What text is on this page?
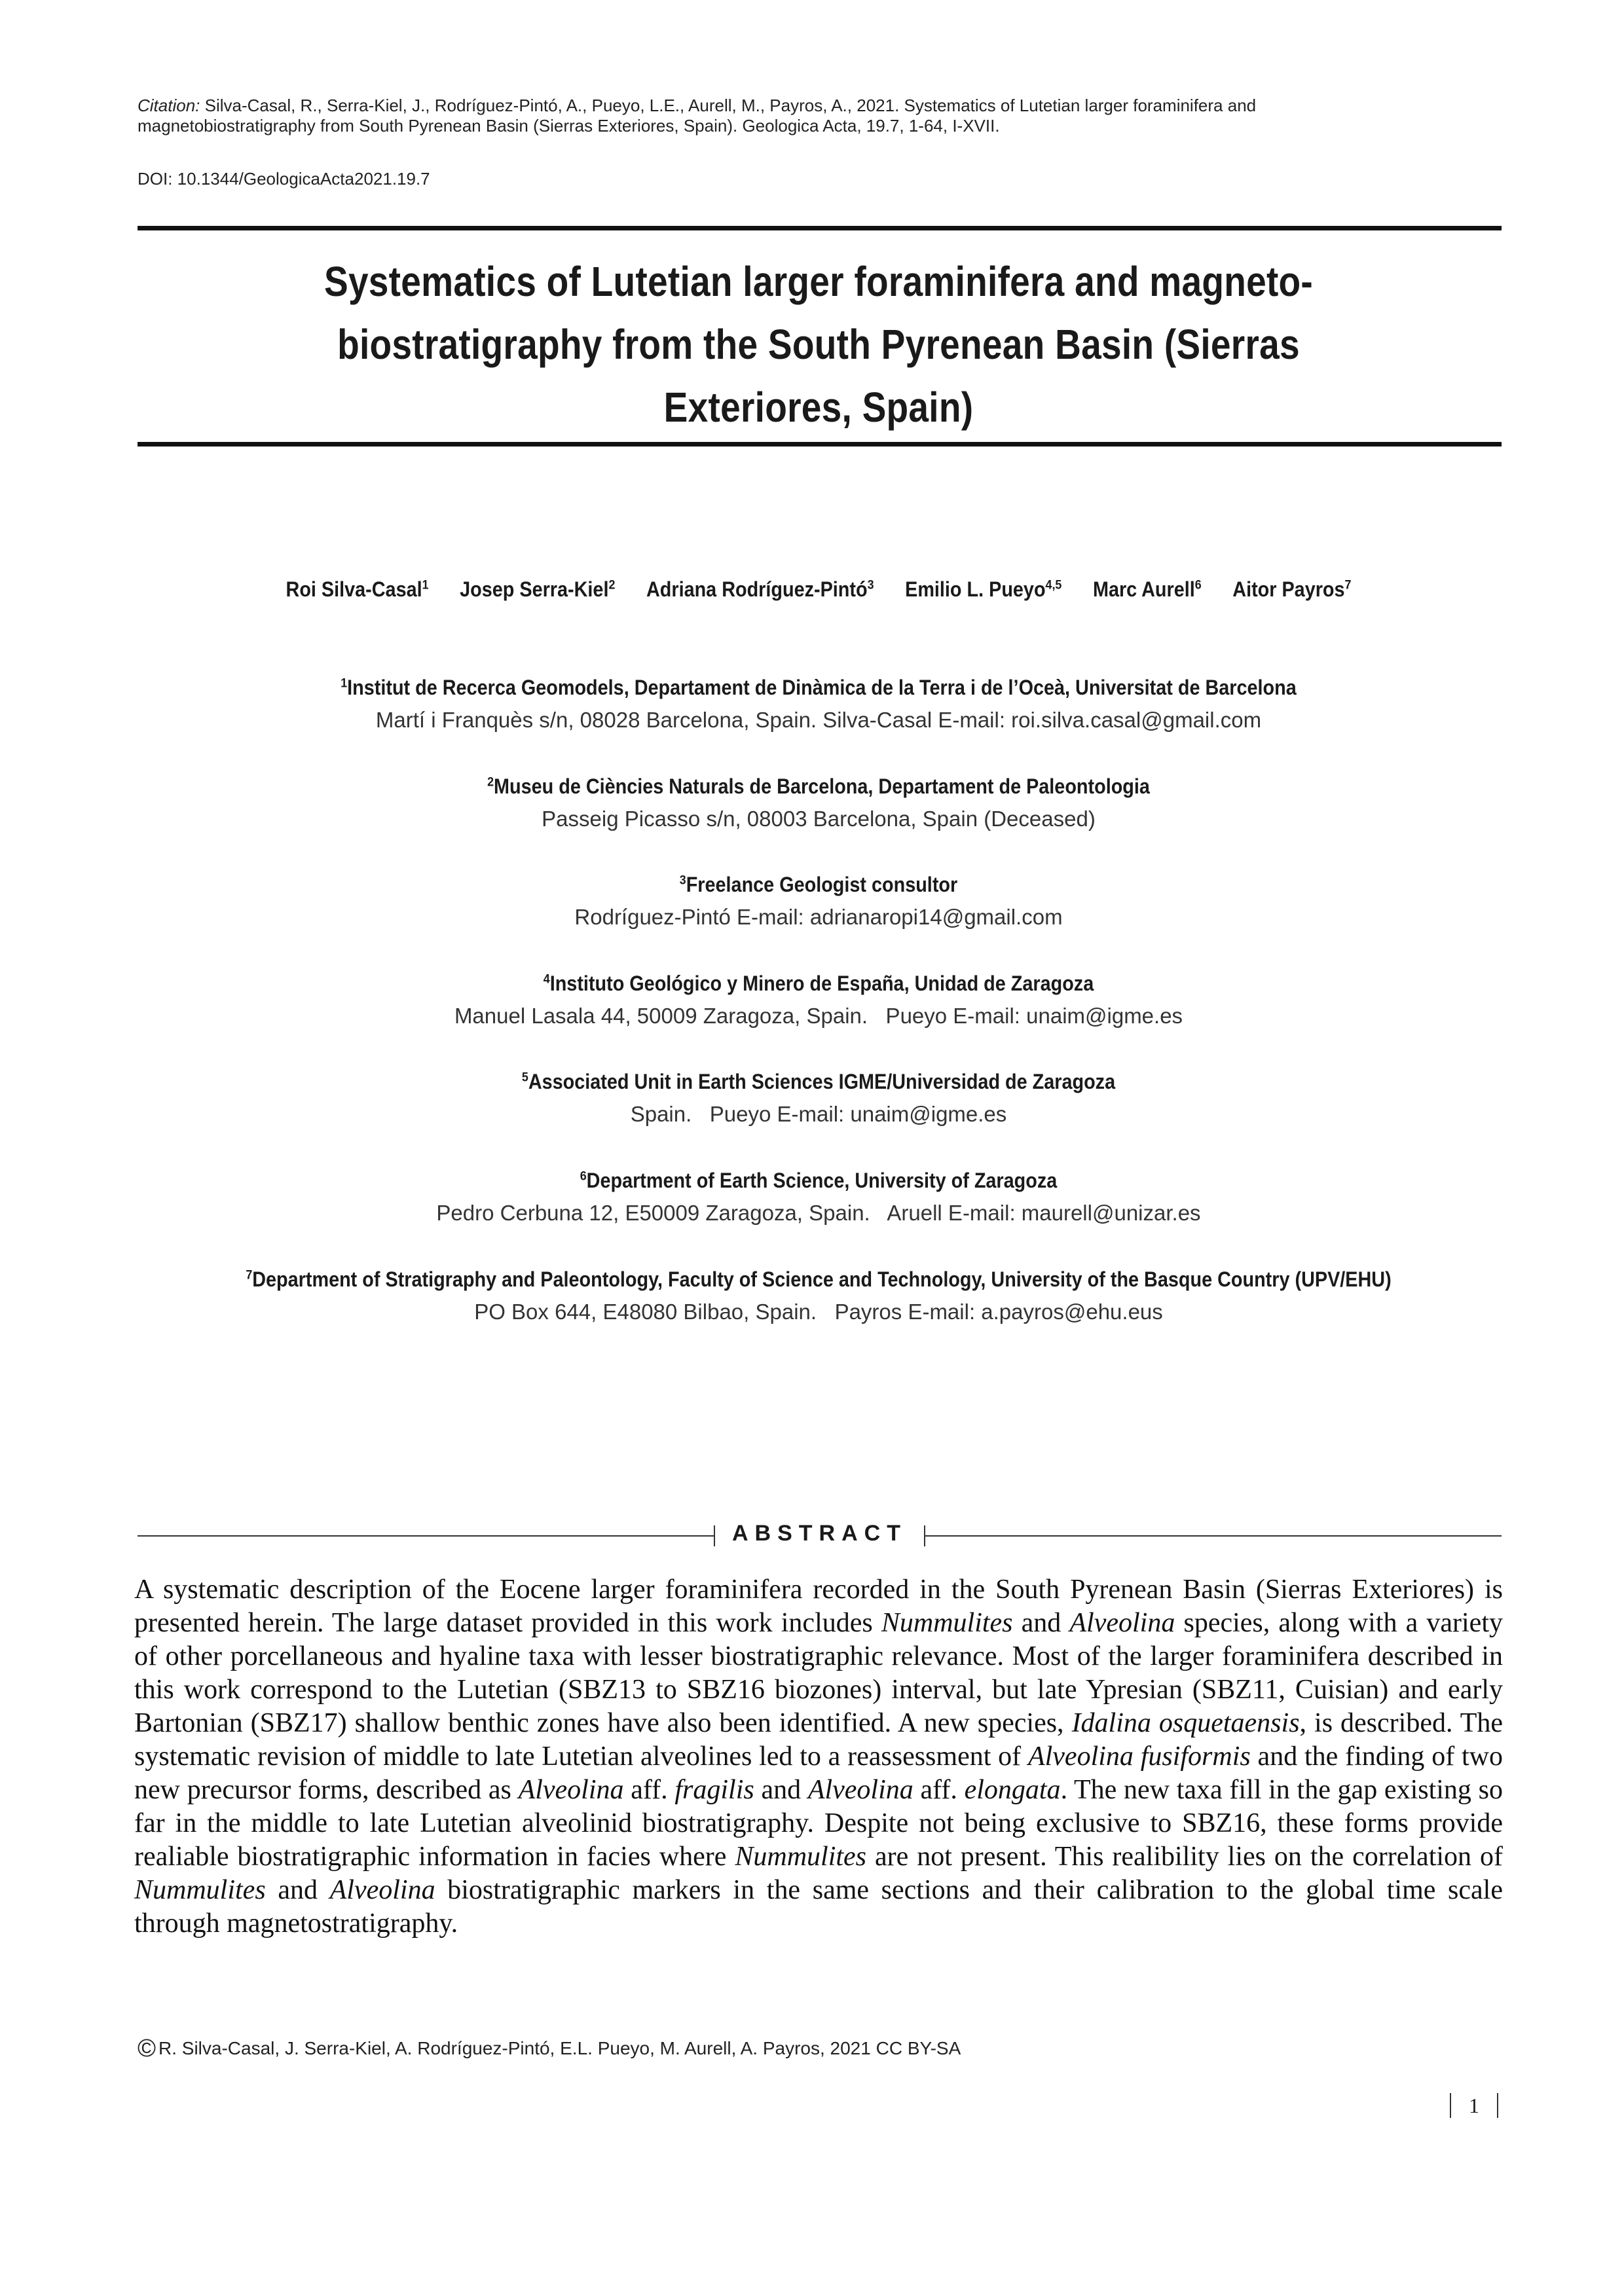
Citation: Silva-Casal, R., Serra-Kiel, J., Rodríguez-Pintó, A., Pueyo, L.E., Aurell, M., Payros, A., 2021. Systematics of Lutetian larger foraminifera and magnetobiostratigraphy from South Pyrenean Basin (Sierras Exteriores, Spain). Geologica Acta, 19.7, 1-64, I-XVII.
DOI: 10.1344/GeologicaActa2021.19.7
Systematics of Lutetian larger foraminifera and magneto-
biostratigraphy from the South Pyrenean Basin (Sierras
Exteriores, Spain)
Roi Silva-Casal$^1$ Josep Serra-Kiel$^2$ Adriana Rodríguez-Pintó$^3$ Emilio L. Pueyo$^{4,5}$ Marc Aurell$^6$ Aitor Payros$^7$
$^1$Institut de Recerca Geomodels, Departament de Dinàmica de la Terra i de l’Oceà, Universitat de Barcelona
Martí i Franquès s/n, 08028 Barcelona, Spain. Silva-Casal E-mail: roi.silva.casal@gmail.com
$^2$Museu de Ciències Naturals de Barcelona, Departament de Paleontologia
Passeig Picasso s/n, 08003 Barcelona, Spain (Deceased)
$^3$Freelance Geologist consultor
Rodríguez-Pintó E-mail: adrianaropi14@gmail.com
$^4$Instituto Geológico y Minero de España, Unidad de Zaragoza
Manuel Lasala 44, 50009 Zaragoza, Spain.   Pueyo E-mail: unaim@igme.es
$^5$Associated Unit in Earth Sciences IGME/Universidad de Zaragoza
Spain.   Pueyo E-mail: unaim@igme.es
$^6$Department of Earth Science, University of Zaragoza
Pedro Cerbuna 12, E50009 Zaragoza, Spain.   Aruell E-mail: maurell@unizar.es
$^7$Department of Stratigraphy and Paleontology, Faculty of Science and Technology, University of the Basque Country (UPV/EHU)
PO Box 644, E48080 Bilbao, Spain.   Payros E-mail: a.payros@ehu.eus
ABSTRACT
A systematic description of the Eocene larger foraminifera recorded in the South Pyrenean Basin (Sierras Exteriores) is presented herein. The large dataset provided in this work includes Nummulites and Alveolina species, along with a variety of other porcellaneous and hyaline taxa with lesser biostratigraphic relevance. Most of the larger foraminifera described in this work correspond to the Lutetian (SBZ13 to SBZ16 biozones) interval, but late Ypresian (SBZ11, Cuisian) and early Bartonian (SBZ17) shallow benthic zones have also been identified. A new species, Idalina osquetaensis, is described. The systematic revision of middle to late Lutetian alveolines led to a reassessment of Alveolina fusiformis and the finding of two new precursor forms, described as Alveolina aff. fragilis and Alveolina aff. elongata. The new taxa fill in the gap existing so far in the middle to late Lutetian alveolinid biostratigraphy. Despite not being exclusive to SBZ16, these forms provide realiable biostratigraphic information in facies where Nummulites are not present. This realibility lies on the correlation of Nummulites and Alveolina biostratigraphic markers in the same sections and their calibration to the global time scale through magnetostratigraphy.
© R. Silva-Casal, J. Serra-Kiel, A. Rodríguez-Pintó, E.L. Pueyo, M. Aurell, A. Payros, 2021 CC BY-SA
1
